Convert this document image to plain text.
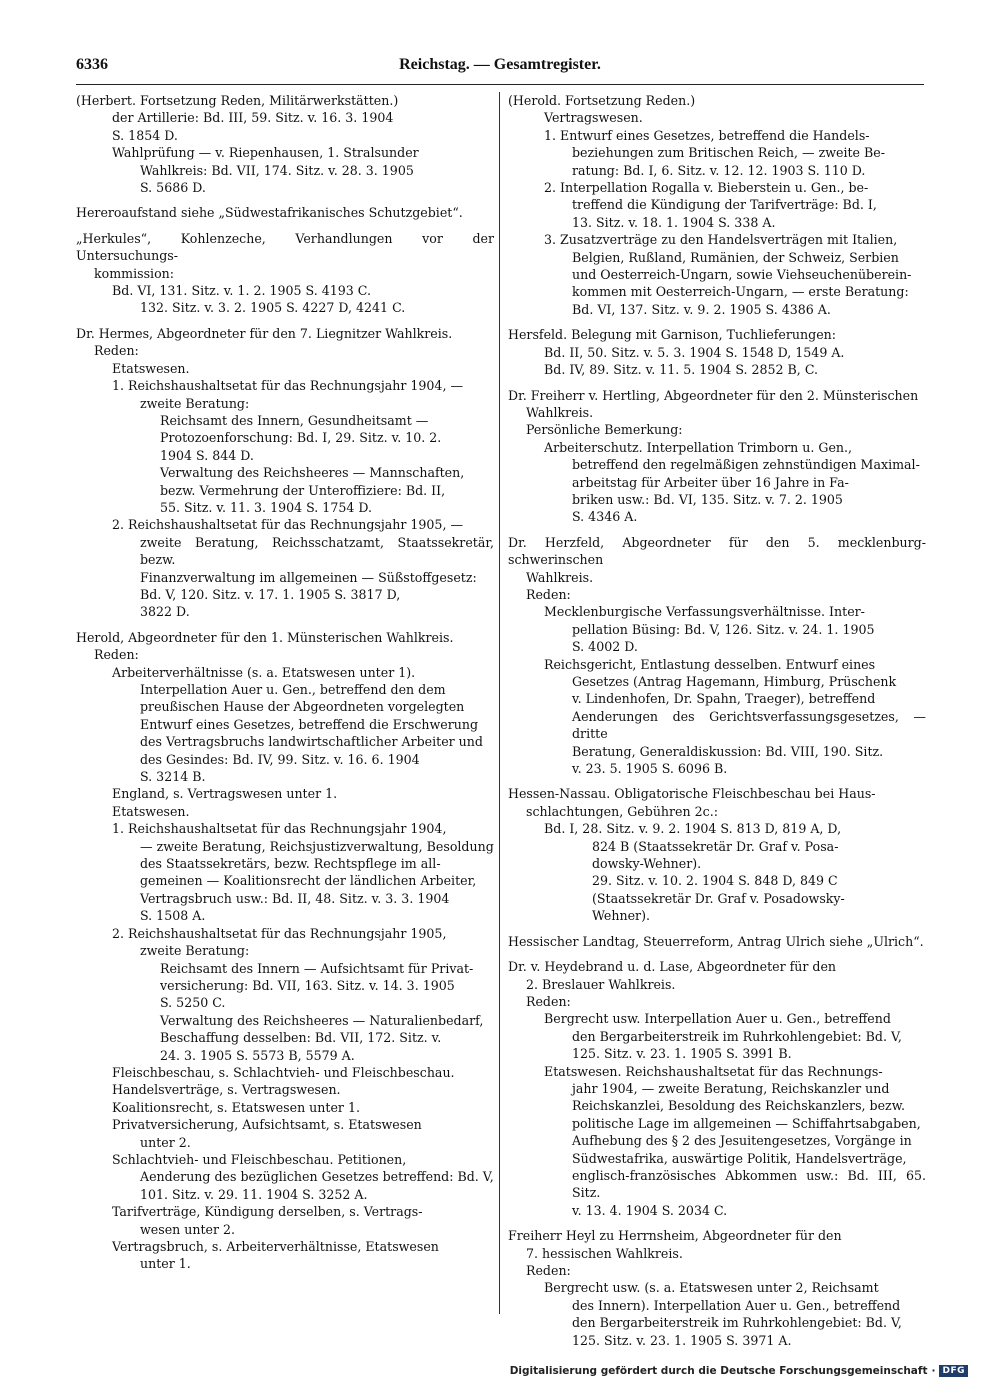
6336	Reichstag. — Gesamtregister.
(Herbert. Fortsetzung Reden, Militärwerkstätten.)
der Artillerie: Bd. III, 59. Sitz. v. 16. 3. 1904
S. 1854 D.
Wahlprüfung — v. Riepenhausen, 1. Stralsunder
Wahlkreis: Bd. VII, 174. Sitz. v. 28. 3. 1905
S. 5686 D.
Hereroaufstand siehe „Südwestafrikanisches Schutzgebiet“.
„Herkules“, Kohlenzeche, Verhandlungen vor der Untersuchungs-
kommission:
Bd. VI, 131. Sitz. v. 1. 2. 1905 S. 4193 C.
132. Sitz. v. 3. 2. 1905 S. 4227 D, 4241 C.
Dr. Hermes, Abgeordneter für den 7. Liegnitzer Wahlkreis.
Reden:
Etatswesen.
1. Reichshaushaltsetat für das Rechnungsjahr 1904, —
zweite Beratung:
Reichsamt des Innern, Gesundheitsamt —
Protozoenforschung: Bd. I, 29. Sitz. v. 10. 2.
1904 S. 844 D.
Verwaltung des Reichsheeres — Mannschaften,
bezw. Vermehrung der Unteroffiziere: Bd. II,
55. Sitz. v. 11. 3. 1904 S. 1754 D.
2. Reichshaushaltsetat für das Rechnungsjahr 1905, —
zweite Beratung, Reichsschatzamt, Staatssekretär, bezw.
Finanzverwaltung im allgemeinen — Süßstoffgesetz:
Bd. V, 120. Sitz. v. 17. 1. 1905 S. 3817 D,
3822 D.
Herold, Abgeordneter für den 1. Münsterischen Wahlkreis.
Reden:
Arbeiterverhältnisse (s. a. Etatswesen unter 1).
Interpellation Auer u. Gen., betreffend den dem
preußischen Hause der Abgeordneten vorgelegten
Entwurf eines Gesetzes, betreffend die Erschwerung
des Vertragsbruchs landwirtschaftlicher Arbeiter und
des Gesindes: Bd. IV, 99. Sitz. v. 16. 6. 1904
S. 3214 B.
England, s. Vertragswesen unter 1.
Etatswesen.
1. Reichshaushaltsetat für das Rechnungsjahr 1904,
— zweite Beratung, Reichsjustizverwaltung, Besoldung
des Staatssekretärs, bezw. Rechtspflege im all-
gemeinen — Koalitionsrecht der ländlichen Arbeiter,
Vertragsbruch usw.: Bd. II, 48. Sitz. v. 3. 3. 1904
S. 1508 A.
2. Reichshaushaltsetat für das Rechnungsjahr 1905,
zweite Beratung:
Reichsamt des Innern — Aufsichtsamt für Privat-
versicherung: Bd. VII, 163. Sitz. v. 14. 3. 1905
S. 5250 C.
Verwaltung des Reichsheeres — Naturalienbedarf,
Beschaffung desselben: Bd. VII, 172. Sitz. v.
24. 3. 1905 S. 5573 B, 5579 A.
Fleischbeschau, s. Schlachtvieh- und Fleischbeschau.
Handelsverträge, s. Vertragswesen.
Koalitionsrecht, s. Etatswesen unter 1.
Privatversicherung, Aufsichtsamt, s. Etatswesen
unter 2.
Schlachtvieh- und Fleischbeschau. Petitionen,
Aenderung des bezüglichen Gesetzes betreffend: Bd. V,
101. Sitz. v. 29. 11. 1904 S. 3252 A.
Tarifverträge, Kündigung derselben, s. Vertrags-
wesen unter 2.
Vertragsbruch, s. Arbeiterverhältnisse, Etatswesen
unter 1.
(Herold. Fortsetzung Reden.)
Vertragswesen.
1. Entwurf eines Gesetzes, betreffend die Handels-
beziehungen zum Britischen Reich, — zweite Be-
ratung: Bd. I, 6. Sitz. v. 12. 12. 1903 S. 110 D.
2. Interpellation Rogalla v. Bieberstein u. Gen., be-
treffend die Kündigung der Tarifverträge: Bd. I,
13. Sitz. v. 18. 1. 1904 S. 338 A.
3. Zusatzverträge zu den Handelsverträgen mit Italien,
Belgien, Rußland, Rumänien, der Schweiz, Serbien
und Oesterreich-Ungarn, sowie Viehseuchenüberein-
kommen mit Oesterreich-Ungarn, — erste Beratung:
Bd. VI, 137. Sitz. v. 9. 2. 1905 S. 4386 A.
Hersfeld. Belegung mit Garnison, Tuchlieferungen:
Bd. II, 50. Sitz. v. 5. 3. 1904 S. 1548 D, 1549 A.
Bd. IV, 89. Sitz. v. 11. 5. 1904 S. 2852 B, C.
Dr. Freiherr v. Hertling, Abgeordneter für den 2. Münsterischen
Wahlkreis.
Persönliche Bemerkung:
Arbeiterschutz. Interpellation Trimborn u. Gen.,
betreffend den regelmäßigen zehnstündigen Maximal-
arbeitstag für Arbeiter über 16 Jahre in Fa-
briken usw.: Bd. VI, 135. Sitz. v. 7. 2. 1905
S. 4346 A.
Dr. Herzfeld, Abgeordneter für den 5. mecklenburg-schwerinschen
Wahlkreis.
Reden:
Mecklenburgische Verfassungsverhältnisse. Inter-
pellation Büsing: Bd. V, 126. Sitz. v. 24. 1. 1905
S. 4002 D.
Reichsgericht, Entlastung desselben. Entwurf eines
Gesetzes (Antrag Hagemann, Himburg, Prüschenk
v. Lindenhofen, Dr. Spahn, Traeger), betreffend
Aenderungen des Gerichtsverfassungsgesetzes, — dritte
Beratung, Generaldiskussion: Bd. VIII, 190. Sitz.
v. 23. 5. 1905 S. 6096 B.
Hessen-Nassau. Obligatorische Fleischbeschau bei Haus-
schlachtungen, Gebühren 2c.:
Bd. I, 28. Sitz. v. 9. 2. 1904 S. 813 D, 819 A, D,
824 B (Staatssekretär Dr. Graf v. Posa-
dowsky-Wehner).
29. Sitz. v. 10. 2. 1904 S. 848 D, 849 C
(Staatssekretär Dr. Graf v. Posadowsky-
Wehner).
Hessischer Landtag, Steuerreform, Antrag Ulrich siehe „Ulrich“.
Dr. v. Heydebrand u. d. Lase, Abgeordneter für den
2. Breslauer Wahlkreis.
Reden:
Bergrecht usw. Interpellation Auer u. Gen., betreffend
den Bergarbeiterstreik im Ruhrkohlengebiet: Bd. V,
125. Sitz. v. 23. 1. 1905 S. 3991 B.
Etatswesen. Reichshaushaltsetat für das Rechnungs-
jahr 1904, — zweite Beratung, Reichskanzler und
Reichskanzlei, Besoldung des Reichskanzlers, bezw.
politische Lage im allgemeinen — Schiffahrtsabgaben,
Aufhebung des § 2 des Jesuitengesetzes, Vorgänge in
Südwestafrika, auswärtige Politik, Handelsverträge,
englisch-französisches Abkommen usw.: Bd. III, 65. Sitz.
v. 13. 4. 1904 S. 2034 C.
Freiherr Heyl zu Herrnsheim, Abgeordneter für den
7. hessischen Wahlkreis.
Reden:
Bergrecht usw. (s. a. Etatswesen unter 2, Reichsamt
des Innern). Interpellation Auer u. Gen., betreffend
den Bergarbeiterstreik im Ruhrkohlengebiet: Bd. V,
125. Sitz. v. 23. 1. 1905 S. 3971 A.
Digitalisierung gefördert durch die Deutsche Forschungsgemeinschaft · DFG
